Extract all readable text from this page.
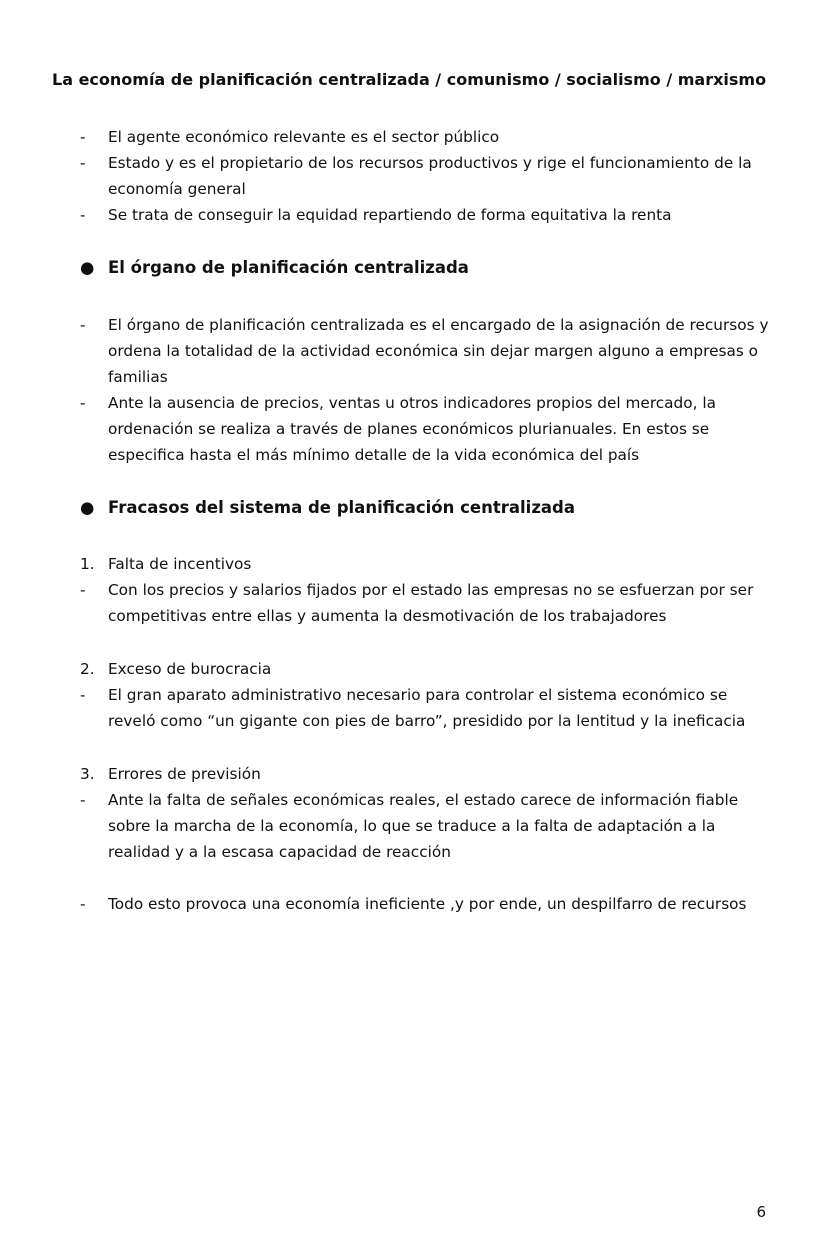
La economía de planificación centralizada / comunismo / socialismo / marxismo
-	El agente económico relevante es el sector público
-	Estado y es el propietario de los recursos productivos y rige el funcionamiento de la economía general
-	Se trata de conseguir la equidad repartiendo de forma equitativa la renta
● El órgano de planificación centralizada
-	El órgano de planificación centralizada es el encargado de la asignación de recursos y ordena la totalidad de la actividad económica sin dejar margen alguno a empresas o familias
-	Ante la ausencia de precios, ventas u otros indicadores propios del mercado, la ordenación se realiza a través de planes económicos plurianuales. En estos se especifica hasta el más mínimo detalle de la vida económica del país
● Fracasos del sistema de planificación centralizada
1. Falta de incentivos
-	Con los precios y salarios fijados por el estado las empresas no se esfuerzan por ser competitivas entre ellas y aumenta la desmotivación de los trabajadores
2. Exceso de burocracia
-	El gran aparato administrativo necesario para controlar el sistema económico se reveló como “un gigante con pies de barro”, presidido por la lentitud y la ineficacia
3. Errores de previsión
-	Ante la falta de señales económicas reales, el estado carece de información fiable sobre la marcha de la economía, lo que se traduce a la falta de adaptación a la realidad y a la escasa capacidad de reacción
-	Todo esto provoca una economía ineficiente ,y por ende, un despilfarro de recursos
6
